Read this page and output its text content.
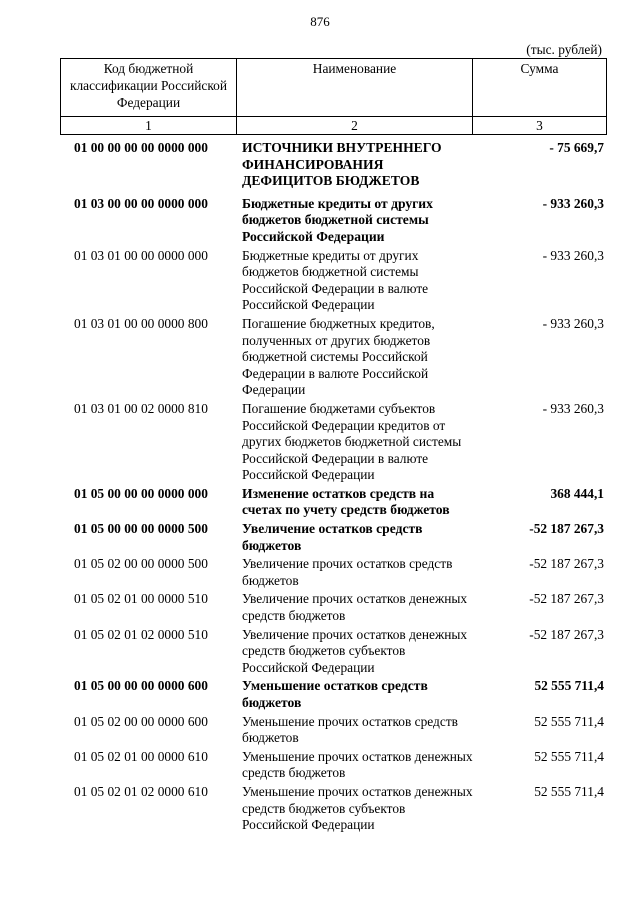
876
(тыс. рублей)
Код бюджетной классификации Российской Федерации	Наименование	Сумма
1	2	3
01 00 00 00 00 0000 000	ИСТОЧНИКИ ВНУТРЕННЕГО ФИНАНСИРОВАНИЯ ДЕФИЦИТОВ БЮДЖЕТОВ	- 75 669,7
01 03 00 00 00 0000 000	Бюджетные кредиты от других бюджетов бюджетной системы Российской Федерации	- 933 260,3
01 03 01 00 00 0000 000	Бюджетные кредиты от других бюджетов бюджетной системы Российской Федерации в валюте Российской Федерации	- 933 260,3
01 03 01 00 00 0000 800	Погашение бюджетных кредитов, полученных от других бюджетов бюджетной системы Российской Федерации в валюте Российской Федерации	- 933 260,3
01 03 01 00 02 0000 810	Погашение бюджетами субъектов Российской Федерации кредитов от других бюджетов бюджетной системы Российской Федерации в валюте Российской Федерации	- 933 260,3
01 05 00 00 00 0000 000	Изменение остатков средств на счетах по учету средств бюджетов	368 444,1
01 05 00 00 00 0000 500	Увеличение остатков средств бюджетов	-52 187 267,3
01 05 02 00 00 0000 500	Увеличение прочих остатков средств бюджетов	-52 187 267,3
01 05 02 01 00 0000 510	Увеличение прочих остатков денежных средств бюджетов	-52 187 267,3
01 05 02 01 02 0000 510	Увеличение прочих остатков денежных средств бюджетов субъектов Российской Федерации	-52 187 267,3
01 05 00 00 00 0000 600	Уменьшение остатков средств бюджетов	52 555 711,4
01 05 02 00 00 0000 600	Уменьшение прочих остатков средств бюджетов	52 555 711,4
01 05 02 01 00 0000 610	Уменьшение прочих остатков денежных средств бюджетов	52 555 711,4
01 05 02 01 02 0000 610	Уменьшение прочих остатков денежных средств бюджетов субъектов Российской Федерации	52 555 711,4
